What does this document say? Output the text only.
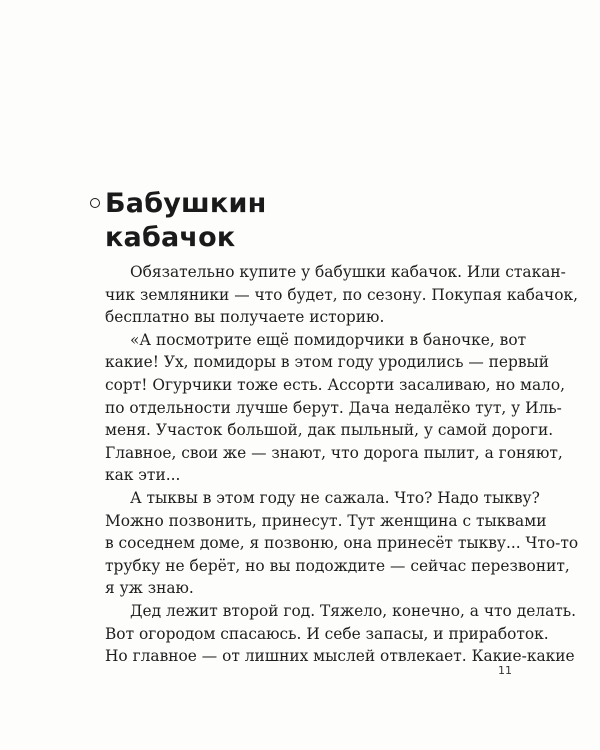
Бабушкин
кабачок
Обязательно купите у бабушки кабачок. Или стакан-
чик земляники — что будет, по сезону. Покупая кабачок,
бесплатно вы получаете историю.
«А посмотрите ещё помидорчики в баночке, вот
какие! Ух, помидоры в этом году уродились — первый
сорт! Огурчики тоже есть. Ассорти засаливаю, но мало,
по отдельности лучше берут. Дача недалёко тут, у Иль-
меня. Участок большой, дак пыльный, у самой дороги.
Главное, свои же — знают, что дорога пылит, а гоняют,
как эти...
А тыквы в этом году не сажала. Что? Надо тыкву?
Можно позвонить, принесут. Тут женщина с тыквами
в соседнем доме, я позвоню, она принесёт тыкву... Что-то
трубку не берёт, но вы подождите — сейчас перезвонит,
я уж знаю.
Дед лежит второй год. Тяжело, конечно, а что делать.
Вот огородом спасаюсь. И себе запасы, и приработок.
Но главное — от лишних мыслей отвлекает. Какие-какие
11
